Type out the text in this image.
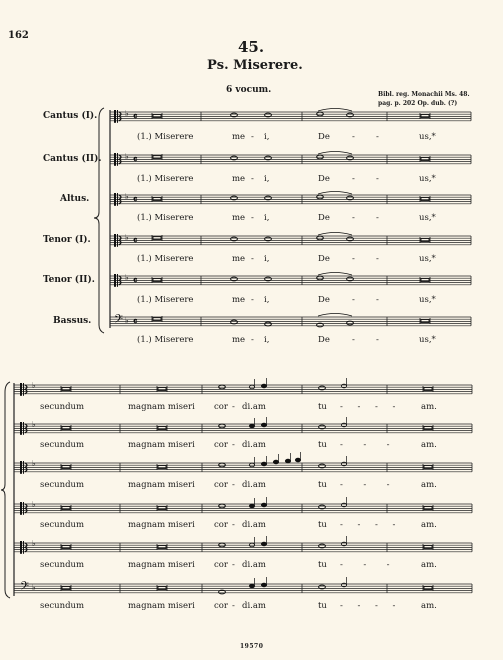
162
45.
Ps. Miserere.
6 vocum.	Bibl. reg. Monachii Ms. 48.
pag. p. 202 Op. dub. (?)
♭ 𝄴
♭ 𝄴
♭ 𝄴
♭ 𝄴
♭ 𝄴
𝄢 ♭ 𝄴
♭
♭
♭
♭
♭
𝄢 ♭
Cantus (I).
Cantus (II).
Altus.
Tenor (I).
Tenor (II).
Bassus.
(1.) Miserere	me - i,	De	- -	us,*
(1.) Miserere	me - i,	De	- -	us,*
(1.) Miserere	me - i,	De	- -	us,*
(1.) Miserere	me - i,	De	- -	us,*
(1.) Miserere	me - i,	De	- -	us,*
(1.) Miserere	me - i,	De	- -	us,*
secundum	magnam miseri cor - di.am	tu - - - -	am.
secundum	magnam miseri cor - di.am	tu - - -	am.
secundum	magnam miseri cor - di.am	tu - - -	am.
secundum	magnam miseri cor - di.am	tu - - - -	am.
secundum	magnam miseri cor - di.am	tu - - -	am.
secundum	magnam miseri cor - di.am	tu - - - -	am.
19570
